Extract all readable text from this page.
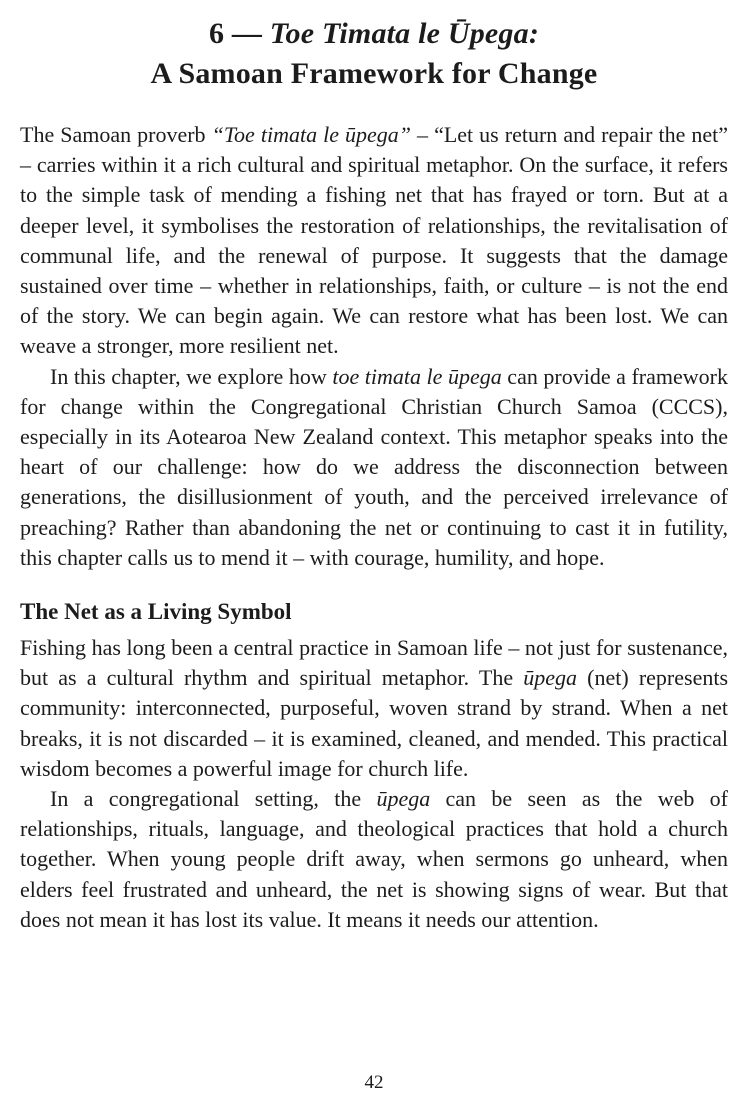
6 — Toe Timata le Ūpega:
A Samoan Framework for Change

The Samoan proverb “Toe timata le ūpega” – “Let us return and repair the net” – carries within it a rich cultural and spiritual metaphor. On the surface, it refers to the simple task of mending a fishing net that has frayed or torn. But at a deeper level, it symbolises the restoration of relationships, the revitalisation of communal life, and the renewal of purpose. It suggests that the damage sustained over time – whether in relationships, faith, or culture – is not the end of the story. We can begin again. We can restore what has been lost. We can weave a stronger, more resilient net.

In this chapter, we explore how toe timata le ūpega can provide a framework for change within the Congregational Christian Church Samoa (CCCS), especially in its Aotearoa New Zealand context. This metaphor speaks into the heart of our challenge: how do we address the disconnection between generations, the disillusionment of youth, and the perceived irrelevance of preaching? Rather than abandoning the net or continuing to cast it in futility, this chapter calls us to mend it – with courage, humility, and hope.

The Net as a Living Symbol

Fishing has long been a central practice in Samoan life – not just for sustenance, but as a cultural rhythm and spiritual metaphor. The ūpega (net) represents community: interconnected, purposeful, woven strand by strand. When a net breaks, it is not discarded – it is examined, cleaned, and mended. This practical wisdom becomes a powerful image for church life.

In a congregational setting, the ūpega can be seen as the web of relationships, rituals, language, and theological practices that hold a church together. When young people drift away, when sermons go unheard, when elders feel frustrated and unheard, the net is showing signs of wear. But that does not mean it has lost its value. It means it needs our attention.

42
